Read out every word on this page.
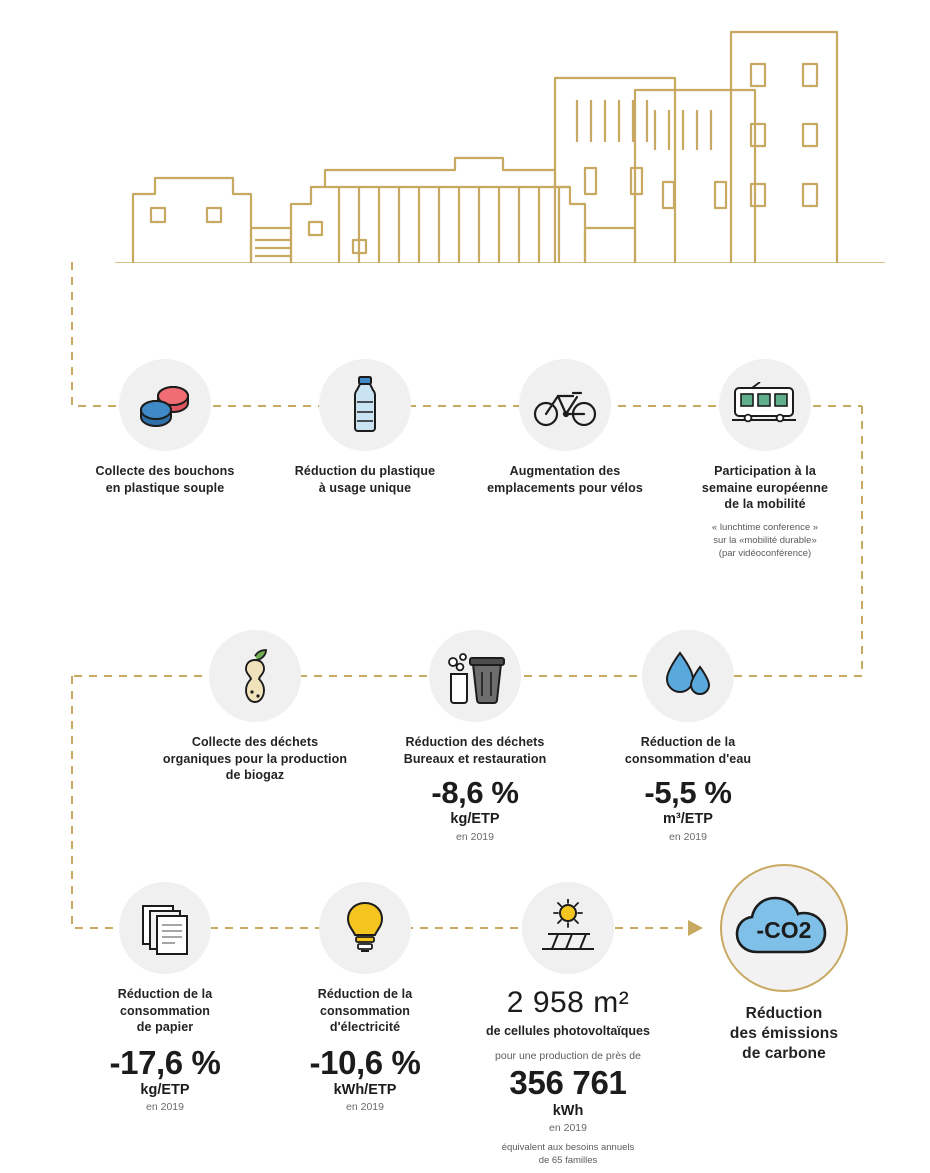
Collecte des bouchons
en plastique souple
Réduction du plastique
à usage unique
Augmentation des
emplacements pour vélos
Participation à la
semaine européenne
de la mobilité
« lunchtime conference »
sur la «mobilité durable»
(par vidéoconférence)
Collecte des déchets
organiques pour la production
de biogaz
Réduction des déchets
Bureaux et restauration
-8,6 %
kg/ETP
en 2019
Réduction de la
consommation d'eau
-5,5 %
m³/ETP
en 2019
Réduction de la
consommation
de papier
-17,6 %
kg/ETP
en 2019
Réduction de la
consommation
d'électricité
-10,6 %
kWh/ETP
en 2019
2 958 m²
de cellules photovoltaïques
pour une production de près de
356 761
kWh
en 2019
équivalent aux besoins annuels
de 65 familles
-CO2
Réduction
des émissions
de carbone
